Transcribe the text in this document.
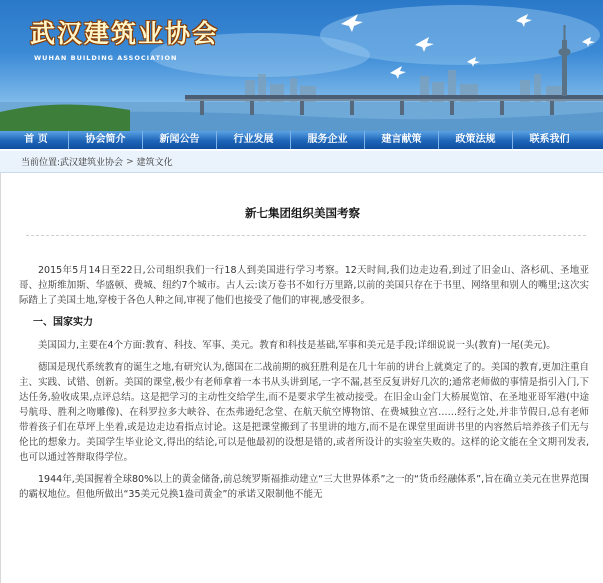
武汉建筑业协会
WUHAN BUILDING ASSOCIATION
首 页	协会简介	新闻公告	行业发展	服务企业	建言献策	政策法规	联系我们
当前位置: 武汉建筑业协会 > 建筑文化
新七集团组织美国考察

2015年5月14日至22日,公司组织我们一行18人到美国进行学习考察。12天时间,我们边走边看,到过了旧金山、洛杉矶、圣地亚哥、拉斯维加斯、华盛顿、费城、纽约7个城市。古人云:读万卷书不如行万里路,以前的美国只存在于书里、网络里和别人的嘴里;这次实际踏上了美国土地,穿梭于各色人种之间,审视了他们也接受了他们的审视,感受很多。

一、国家实力

美国国力,主要在4个方面:教育、科技、军事、美元。教育和科技是基础,军事和美元是手段;详细说说一头(教育)一尾(美元)。

德国是现代系统教育的诞生之地,有研究认为,德国在二战前期的疯狂胜利是在几十年前的讲台上就奠定了的。美国的教育,更加注重自主、实践、试错、创新。美国的课堂,极少有老师拿着一本书从头讲到尾,一字不漏,甚至反复讲好几次的;通常老师做的事情是指引入门,下达任务,验收成果,点评总结。这是把学习的主动性交给学生,而不是要求学生被动接受。在旧金山金门大桥展览馆、在圣地亚哥军港(中途号航母、胜利之吻雕像)、在科罗拉多大峡谷、在杰弗逊纪念堂、在航天航空博物馆、在费城独立宫……经行之处,并非节假日,总有老师带着孩子们在草坪上坐着,或是边走边看指点讨论。这是把课堂搬到了书里讲的地方,而不是在课堂里面讲书里的内容然后培养孩子们无与伦比的想象力。美国学生毕业论文,得出的结论,可以是他最初的设想是错的,或者所设计的实验室失败的。这样的论文能在全文期刊发表,也可以通过答辩取得学位。

1944年,美国握着全球80%以上的黄金储备,前总统罗斯福推动建立“三大世界体系”之一的“货币经融体系”,旨在确立美元在世界范围的霸权地位。但他所做出“35美元兑换1盎司黄金”的承诺又限制他不能无
